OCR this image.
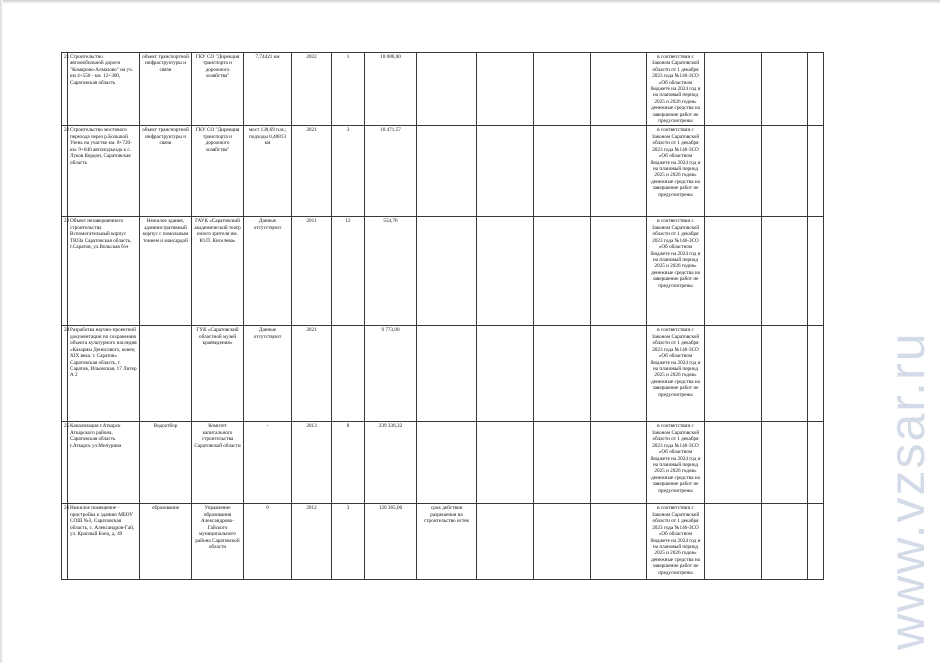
21	Строительство автомобильной дороги "Комарово-Алмазово" на уч. км 4+550 - км. 12+300, Саратовская область	объект транспортной инфраструктуры и связи	ГКУ СО "Дирекция транспорта и дорожного хозяйства"	7,74421 км	2022	1	10 080,00					в соответствии с Законом Саратовской области от 1 декабря 2023 года №146-ЗСО «Об областном бюджете на 2024 год и на плановый период 2025 и 2026 годов» денежные средства на завершение работ не предусмотрены			
22	Строительство мостового перехода через р.Большой Узень на участке км. 8+720-км. 9+040 автоподъезда к с. Луков Кордон, Саратовская область	объект транспортной инфраструктуры и связи	ГКУ СО "Дирекция транспорта и дорожного хозяйства"	мост 138,69 п.м.; подходы 0,48813 км	2021	3	10 471,57					в соответствии с Законом Саратовской области от 1 декабря 2023 года №146-ЗСО «Об областном бюджете на 2024 год и на плановый период 2025 и 2026 годов» денежные средства на завершение работ не предусмотрены			
23	Объект незавершенного строительства Вспомогательный корпус ТЮЗа Саратовская область, г.Саратов, ул.Вольская б/н	Нежилое здание, административный корпус с помольным тоннем и мансардой	ГАУК «Саратовский академический театр юного зрителя им. Ю.П. Киселева»	Данные отсутствуют	2011	12	554,76					в соответствии с Законом Саратовской области от 1 декабря 2023 года №146-ЗСО «Об областном бюджете на 2024 год и на плановый период 2025 и 2026 годов» денежные средства на завершение работ не предусмотрены			
24	Разработка научно-проектной документации по сохранению объекта культурного наследия «Казармы Денисового, конец XIX века. г. Саратов» Саратовская область, г. Саратов, Ильинская, 17 Литер А 2		ГУК «Саратовский областной музей краеведения»	Данные отсутствуют	2021		9 773,00					в соответствии с Законом Саратовской области от 1 декабря 2023 года №146-ЗСО «Об областном бюджете на 2024 год и на плановый период 2025 и 2026 годов» денежные средства на завершение работ не предусмотрены			
25	Канализация г.Аткарск Аткарского района, Саратовская область г.Аткарск ул.Мичурина	Водоотбор	Комитет капитального строительства Саратовской области	-	2013	8	239 336,32					в соответствии с Законом Саратовской области от 1 декабря 2023 года №146-ЗСО «Об областном бюджете на 2024 год и на плановый период 2025 и 2026 годов» денежные средства на завершение работ не предусмотрены			
26	Нежилое помещение - пристройка к зданию МБОУ СОШ №3, Саратовская область, с. Александров-Гай, ул. Красный Боец, д. 49	образование	Управление образования Александрово-Гайского муниципального района Саратовской области	0	2012	3	120 365,00	срок действия разрешения на строительство истек				в соответствии с Законом Саратовской области от 1 декабря 2023 года №146-ЗСО «Об областном бюджете на 2024 год и на плановый период 2025 и 2026 годов» денежные средства на завершение работ не предусмотрены				www.vzsar.ru
